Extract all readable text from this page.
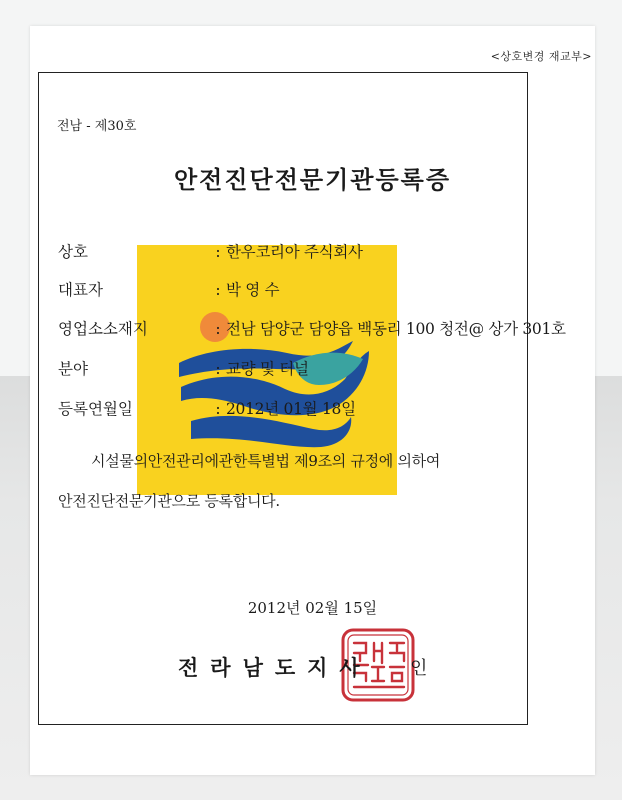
<상호변경 재교부>
전남 - 제30호
안전진단전문기관등록증
상호	: 한우코리아 주식회사
대표자	: 박 영 수
영업소소재지	: 전남 담양군 담양읍 백동리 100 청전@ 상가 301호
분야	: 교량 및 터널
등록연월일	: 2012년 01월 18일
시설물의안전관리에관한특별법 제9조의 규정에 의하여
안전진단전문기관으로 등록합니다.
2012년 02월 15일
전라남도지사 인
